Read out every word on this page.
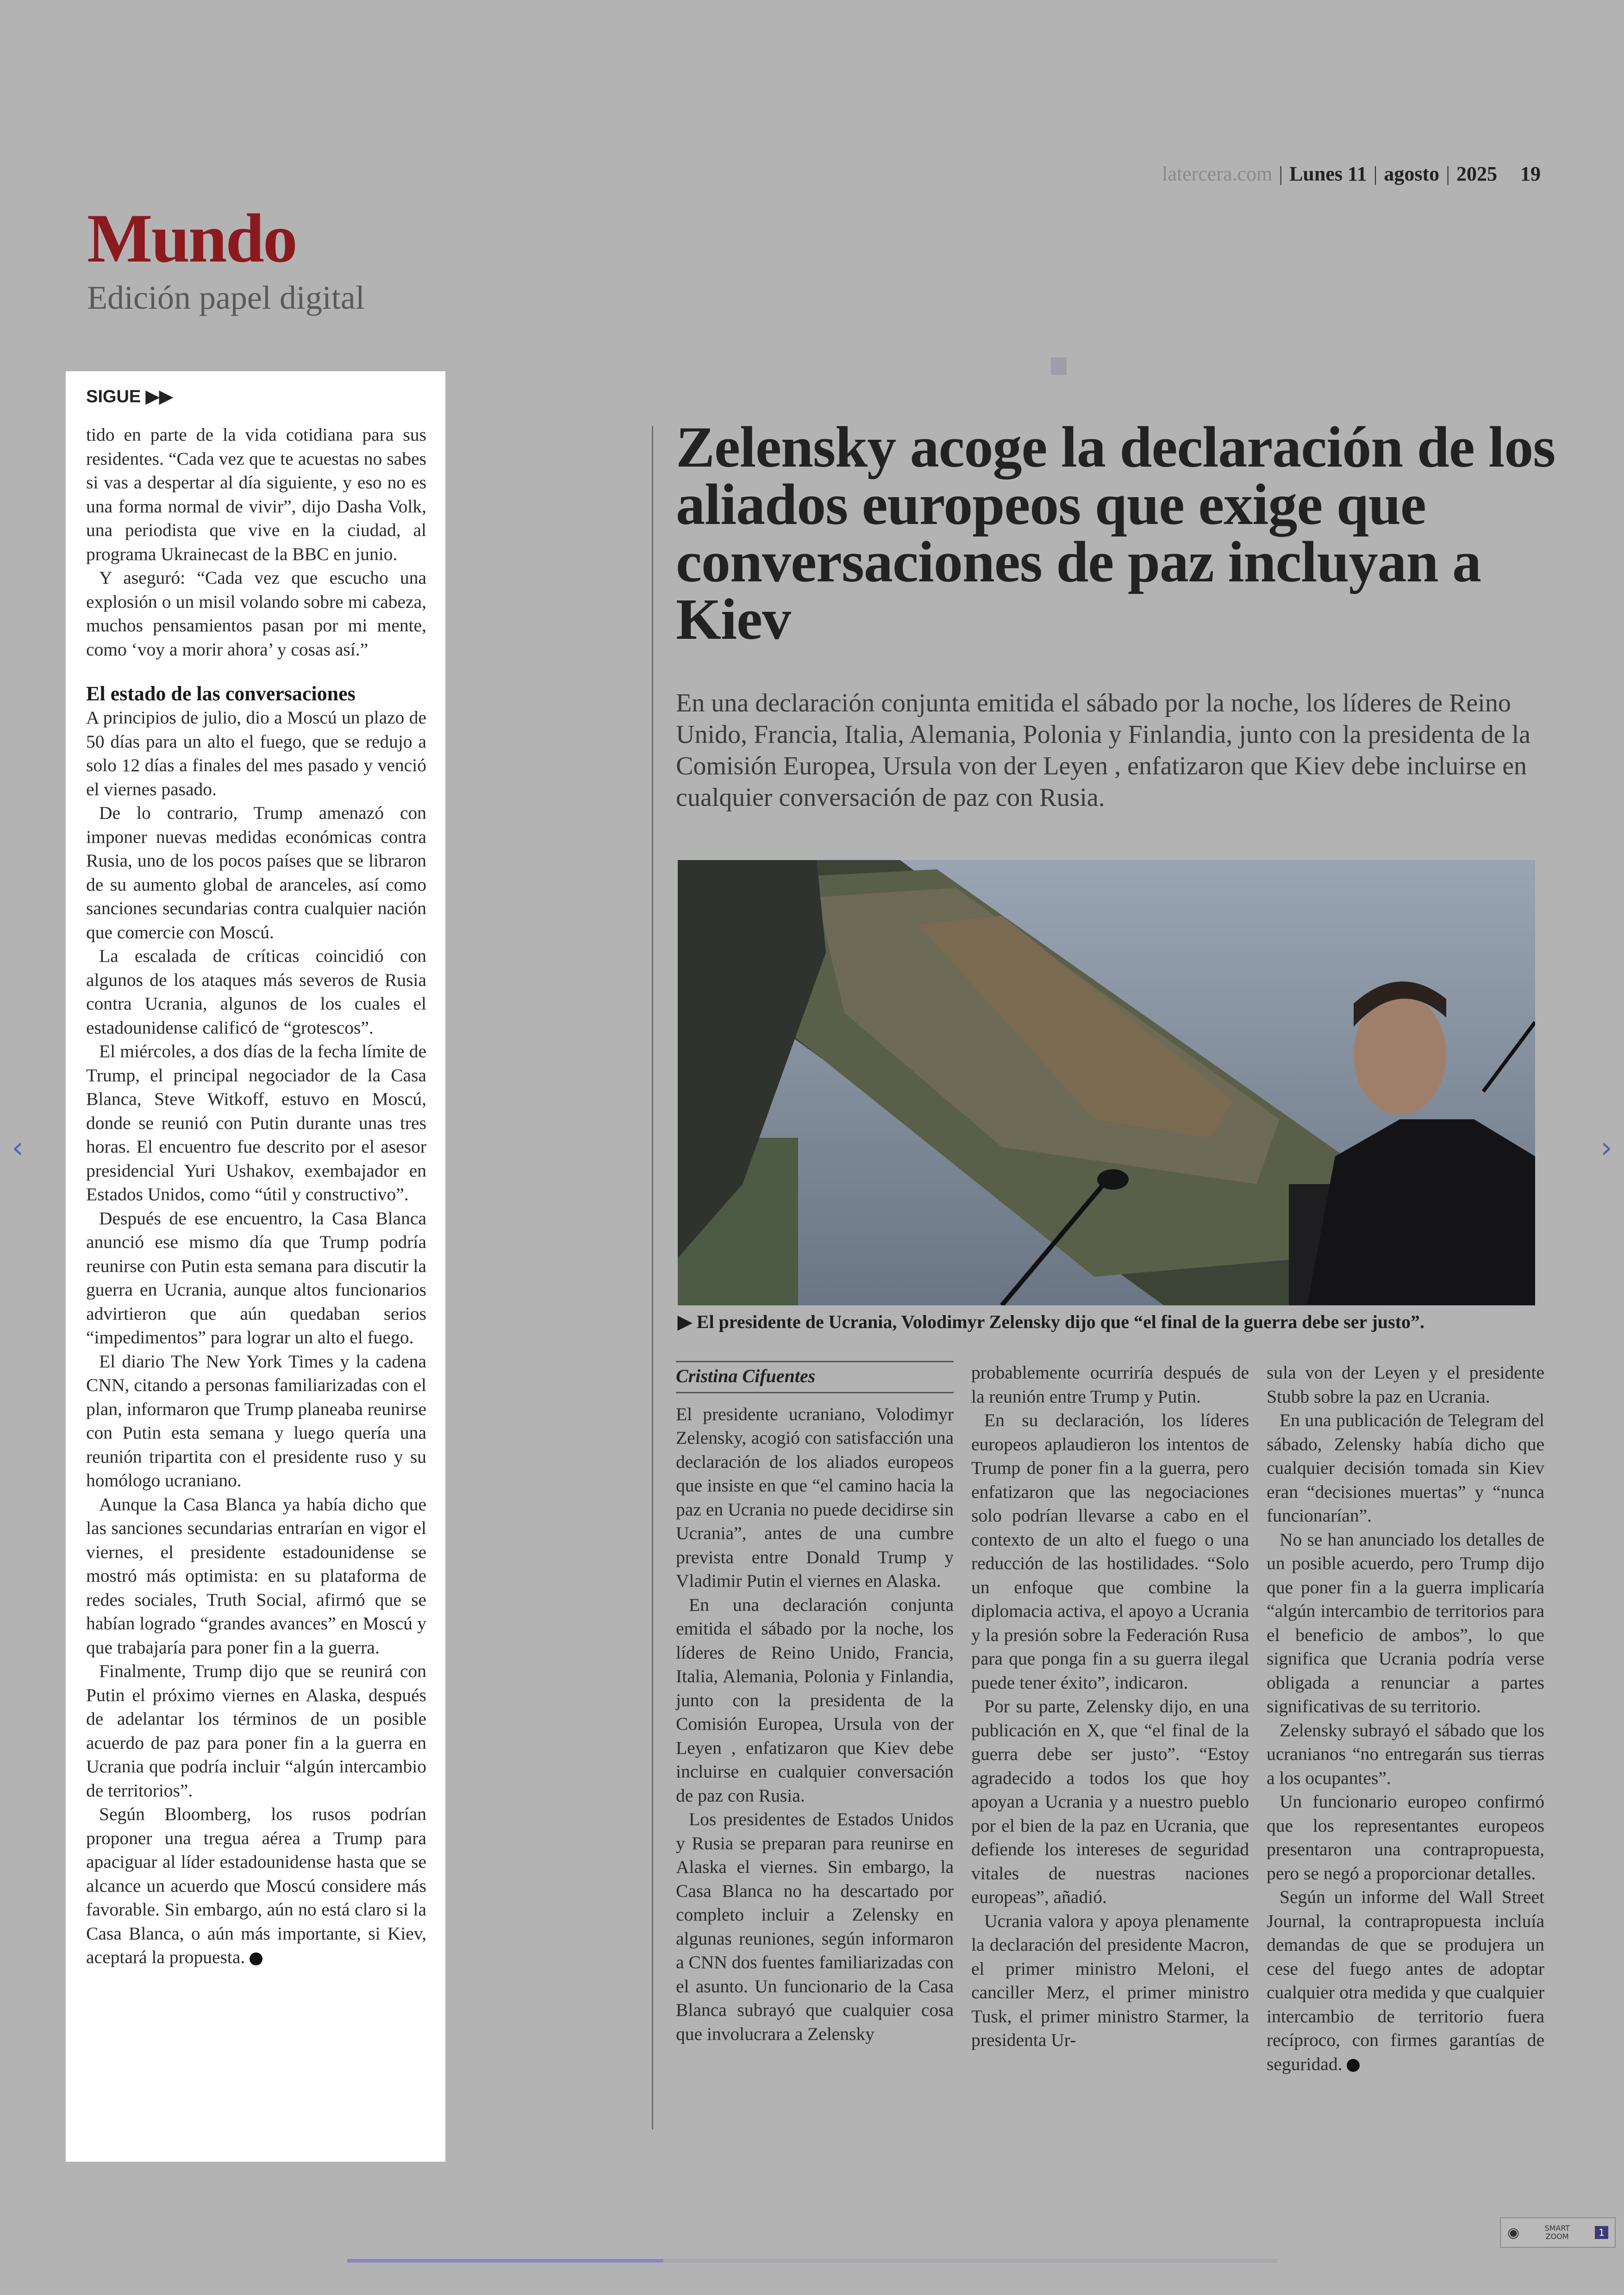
latercera.com | Lunes 11 | agosto | 2025 19
Mundo
Edición papel digital
SIGUE ▶▶

tido en parte de la vida cotidiana para sus residentes. “Cada vez que te acuestas no sabes si vas a despertar al día siguiente, y eso no es una forma normal de vivir”, dijo Dasha Volk, una periodista que vive en la ciudad, al programa Ukrainecast de la BBC en junio.

Y aseguró: “Cada vez que escucho una explosión o un misil volando sobre mi cabeza, muchos pensamientos pasan por mi mente, como ‘voy a morir ahora’ y cosas así.”

El estado de las conversaciones

A principios de julio, dio a Moscú un plazo de 50 días para un alto el fuego, que se redujo a solo 12 días a finales del mes pasado y venció el viernes pasado.

De lo contrario, Trump amenazó con imponer nuevas medidas económicas contra Rusia, uno de los pocos países que se libraron de su aumento global de aranceles, así como sanciones secundarias contra cualquier nación que comercie con Moscú.

La escalada de críticas coincidió con algunos de los ataques más severos de Rusia contra Ucrania, algunos de los cuales el estadounidense calificó de “grotescos”.

El miércoles, a dos días de la fecha límite de Trump, el principal negociador de la Casa Blanca, Steve Witkoff, estuvo en Moscú, donde se reunió con Putin durante unas tres horas. El encuentro fue descrito por el asesor presidencial Yuri Ushakov, exembajador en Estados Unidos, como “útil y constructivo”.

Después de ese encuentro, la Casa Blanca anunció ese mismo día que Trump podría reunirse con Putin esta semana para discutir la guerra en Ucrania, aunque altos funcionarios advirtieron que aún quedaban serios “impedimentos” para lograr un alto el fuego.

El diario The New York Times y la cadena CNN, citando a personas familiarizadas con el plan, informaron que Trump planeaba reunirse con Putin esta semana y luego quería una reunión tripartita con el presidente ruso y su homólogo ucraniano.

Aunque la Casa Blanca ya había dicho que las sanciones secundarias entrarían en vigor el viernes, el presidente estadounidense se mostró más optimista: en su plataforma de redes sociales, Truth Social, afirmó que se habían logrado “grandes avances” en Moscú y que trabajaría para poner fin a la guerra.

Finalmente, Trump dijo que se reunirá con Putin el próximo viernes en Alaska, después de adelantar los términos de un posible acuerdo de paz para poner fin a la guerra en Ucrania que podría incluir “algún intercambio de territorios”.

Según Bloomberg, los rusos podrían proponer una tregua aérea a Trump para apaciguar al líder estadounidense hasta que se alcance un acuerdo que Moscú considere más favorable. Sin embargo, aún no está claro si la Casa Blanca, o aún más importante, si Kiev, aceptará la propuesta.

Zelensky acoge la declaración de los aliados europeos que exige que conversaciones de paz incluyan a Kiev
En una declaración conjunta emitida el sábado por la noche, los líderes de Reino Unido, Francia, Italia, Alemania, Polonia y Finlandia, junto con la presidenta de la Comisión Europea, Ursula von der Leyen , enfatizaron que Kiev debe incluirse en cualquier conversación de paz con Rusia.
▶ El presidente de Ucrania, Volodimyr Zelensky dijo que “el final de la guerra debe ser justo”.
Cristina Cifuentes

El presidente ucraniano, Volodimyr Zelensky, acogió con satisfacción una declaración de los aliados europeos que insiste en que “el camino hacia la paz en Ucrania no puede decidirse sin Ucrania”, antes de una cumbre prevista entre Donald Trump y Vladimir Putin el viernes en Alaska.

En una declaración conjunta emitida el sábado por la noche, los líderes de Reino Unido, Francia, Italia, Alemania, Polonia y Finlandia, junto con la presidenta de la Comisión Europea, Ursula von der Leyen , enfatizaron que Kiev debe incluirse en cualquier conversación de paz con Rusia.

Los presidentes de Estados Unidos y Rusia se preparan para reunirse en Alaska el viernes. Sin embargo, la Casa Blanca no ha descartado por completo incluir a Zelensky en algunas reuniones, según informaron a CNN dos fuentes familiarizadas con el asunto. Un funcionario de la Casa Blanca subrayó que cualquier cosa que involucrara a Zelensky

probablemente ocurriría después de la reunión entre Trump y Putin.

En su declaración, los líderes europeos aplaudieron los intentos de Trump de poner fin a la guerra, pero enfatizaron que las negociaciones solo podrían llevarse a cabo en el contexto de un alto el fuego o una reducción de las hostilidades. “Solo un enfoque que combine la diplomacia activa, el apoyo a Ucrania y la presión sobre la Federación Rusa para que ponga fin a su guerra ilegal puede tener éxito”, indicaron.

Por su parte, Zelensky dijo, en una publicación en X, que “el final de la guerra debe ser justo”. “Estoy agradecido a todos los que hoy apoyan a Ucrania y a nuestro pueblo por el bien de la paz en Ucrania, que defiende los intereses de seguridad vitales de nuestras naciones europeas”, añadió.

Ucrania valora y apoya plenamente la declaración del presidente Macron, el primer ministro Meloni, el canciller Merz, el primer ministro Tusk, el primer ministro Starmer, la presidenta Ur-

sula von der Leyen y el presidente Stubb sobre la paz en Ucrania.

En una publicación de Telegram del sábado, Zelensky había dicho que cualquier decisión tomada sin Kiev eran “decisiones muertas” y “nunca funcionarían”.

No se han anunciado los detalles de un posible acuerdo, pero Trump dijo que poner fin a la guerra implicaría “algún intercambio de territorios para el beneficio de ambos”, lo que significa que Ucrania podría verse obligada a renunciar a partes significativas de su territorio.

Zelensky subrayó el sábado que los ucranianos “no entregarán sus tierras a los ocupantes”.

Un funcionario europeo confirmó que los representantes europeos presentaron una contrapropuesta, pero se negó a proporcionar detalles.

Según un informe del Wall Street Journal, la contrapropuesta incluía demandas de que se produjera un cese del fuego antes de adoptar cualquier otra medida y que cualquier intercambio de territorio fuera recíproco, con firmes garantías de seguridad.

‹	›
◉	SMART
ZOOM	1
